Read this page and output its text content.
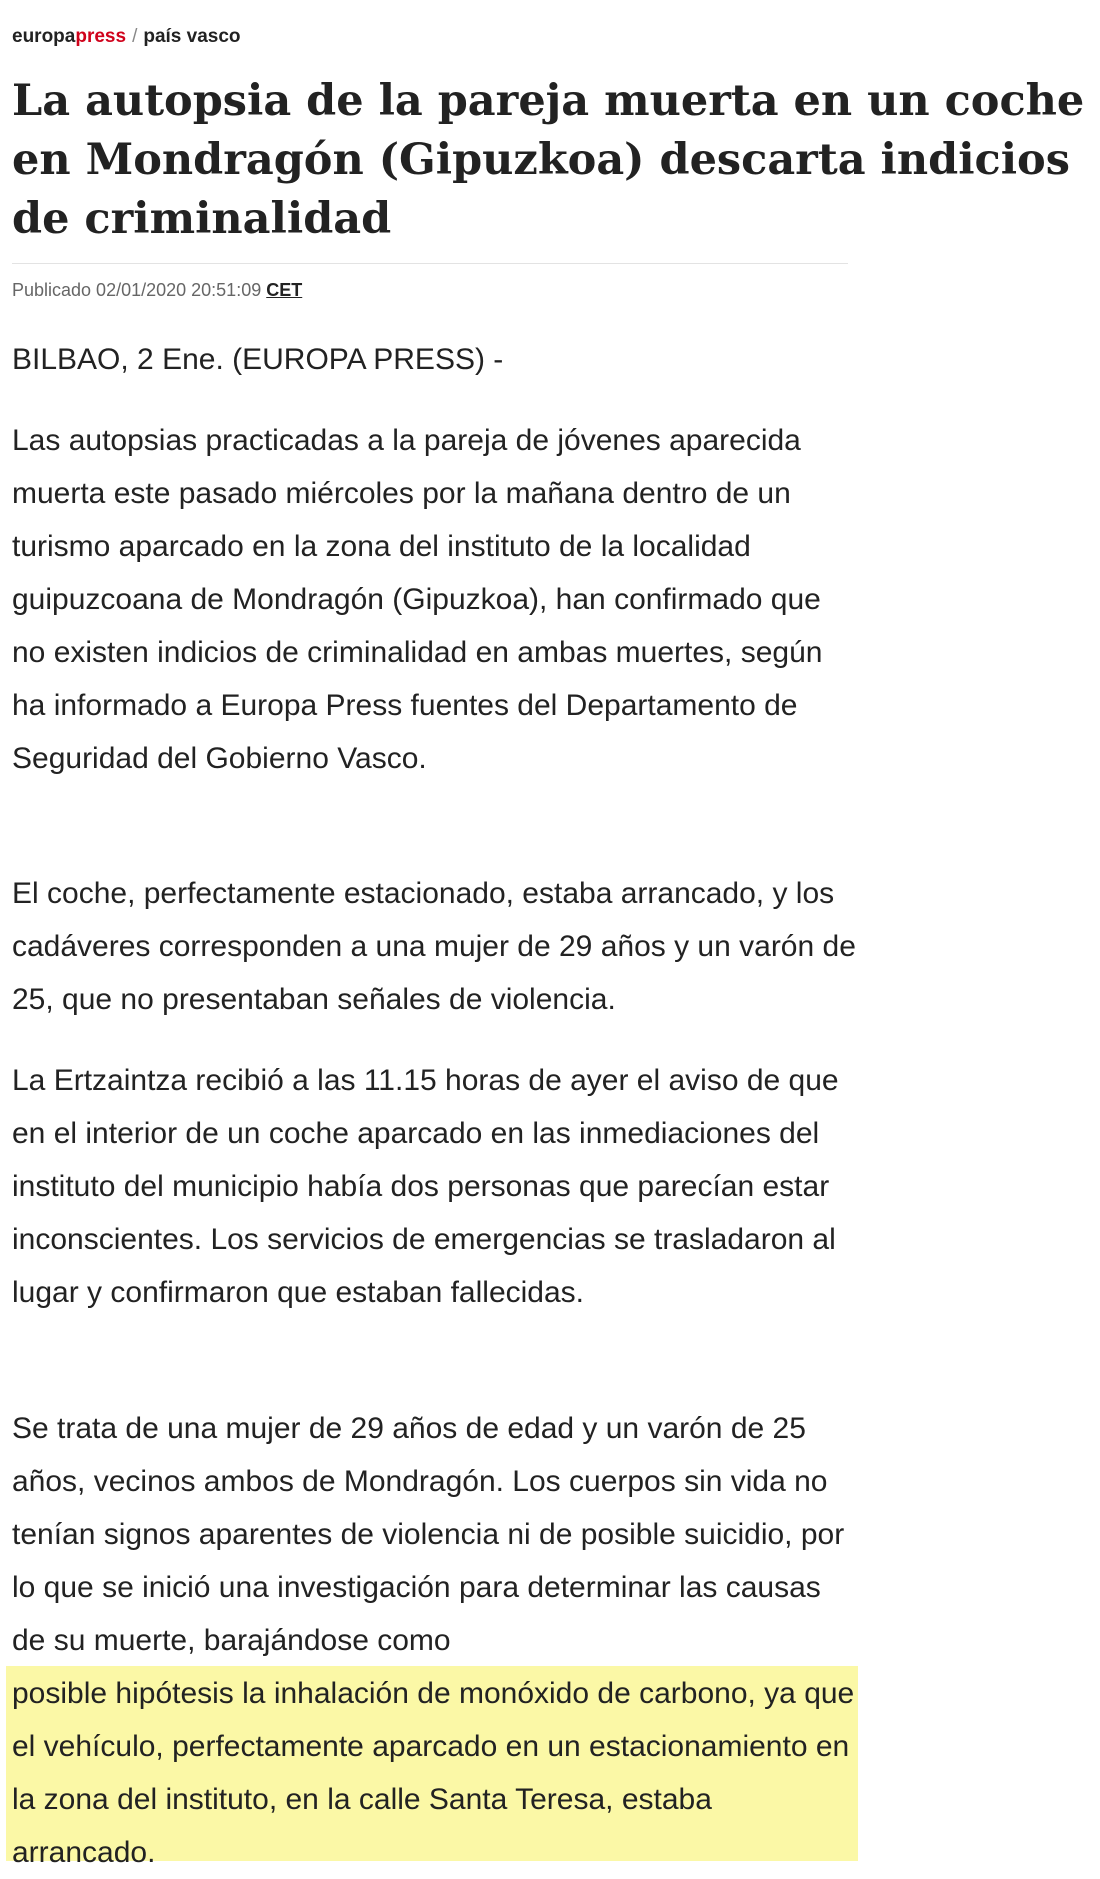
europapress / país vasco
La autopsia de la pareja muerta en un coche en Mondragón (Gipuzkoa) descarta indicios de criminalidad
Publicado 02/01/2020 20:51:09 CET

BILBAO, 2 Ene. (EUROPA PRESS) -

Las autopsias practicadas a la pareja de jóvenes aparecida muerta este pasado miércoles por la mañana dentro de un turismo aparcado en la zona del instituto de la localidad guipuzcoana de Mondragón (Gipuzkoa), han confirmado que no existen indicios de criminalidad en ambas muertes, según ha informado a Europa Press fuentes del Departamento de Seguridad del Gobierno Vasco.

El coche, perfectamente estacionado, estaba arrancado, y los cadáveres corresponden a una mujer de 29 años y un varón de 25, que no presentaban señales de violencia.

La Ertzaintza recibió a las 11.15 horas de ayer el aviso de que en el interior de un coche aparcado en las inmediaciones del instituto del municipio había dos personas que parecían estar inconscientes. Los servicios de emergencias se trasladaron al lugar y confirmaron que estaban fallecidas.

Se trata de una mujer de 29 años de edad y un varón de 25 años, vecinos ambos de Mondragón. Los cuerpos sin vida no tenían signos aparentes de violencia ni de posible suicidio, por lo que se inició una investigación para determinar las causas de su muerte, barajándose como

posible hipótesis la inhalación de monóxido de carbono, ya que el vehículo, perfectamente aparcado en un estacionamiento en la zona del instituto, en la calle Santa Teresa, estaba arrancado.
